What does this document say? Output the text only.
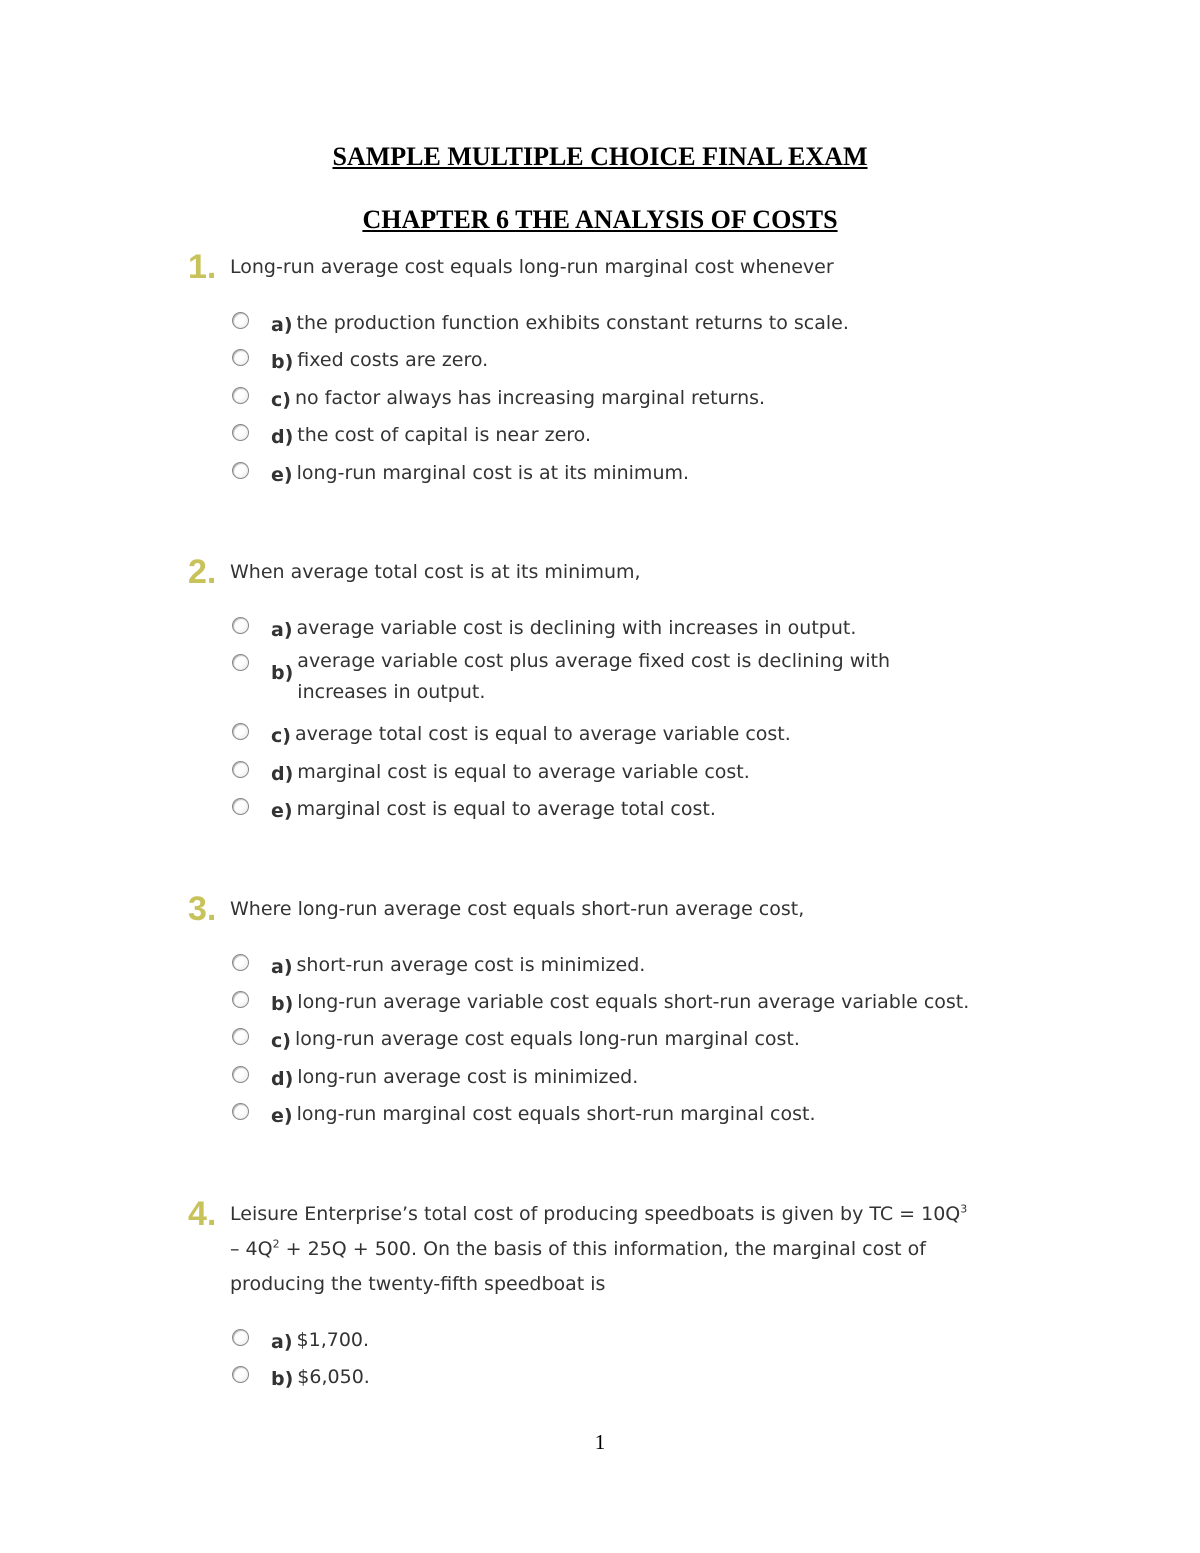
SAMPLE MULTIPLE CHOICE FINAL EXAM
CHAPTER 6 THE ANALYSIS OF COSTS
1. Long-run average cost equals long-run marginal cost whenever
a) the production function exhibits constant returns to scale.
b) fixed costs are zero.
c) no factor always has increasing marginal returns.
d) the cost of capital is near zero.
e) long-run marginal cost is at its minimum.
2. When average total cost is at its minimum,
a) average variable cost is declining with increases in output.
b)
average variable cost plus average fixed cost is declining with increases in output.
c) average total cost is equal to average variable cost.
d) marginal cost is equal to average variable cost.
e) marginal cost is equal to average total cost.
3. Where long-run average cost equals short-run average cost,
a) short-run average cost is minimized.
b) long-run average variable cost equals short-run average variable cost.
c) long-run average cost equals long-run marginal cost.
d) long-run average cost is minimized.
e) long-run marginal cost equals short-run marginal cost.
4. Leisure Enterprise’s total cost of producing speedboats is given by TC = $10Q^3 - 4Q^2 + 25Q + 500$. On the basis of this information, the marginal cost of producing the twenty-fifth speedboat is
a) $1,700.
b) $6,050.
1
